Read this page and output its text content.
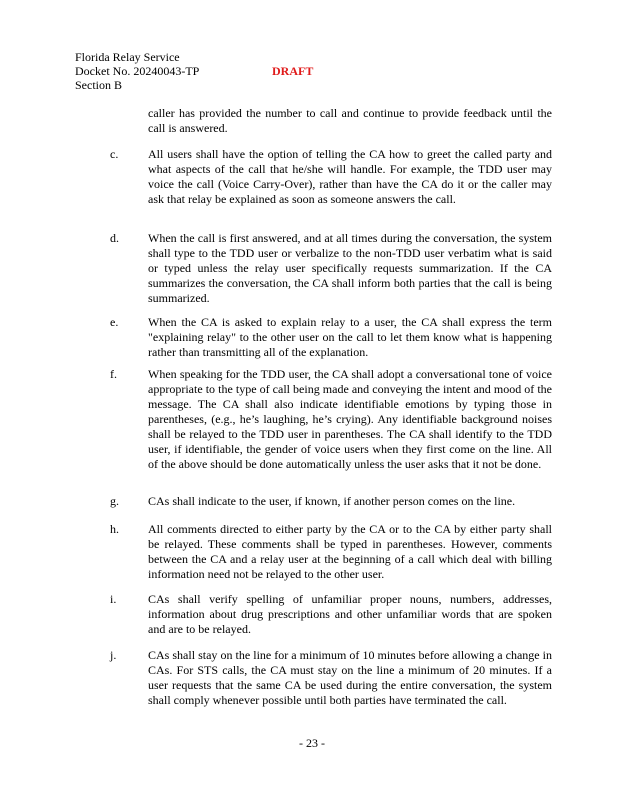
Florida Relay Service
Docket No. 20240043-TP
Section B
DRAFT
caller has provided the number to call and continue to provide feedback until the call is answered.
c. All users shall have the option of telling the CA how to greet the called party and what aspects of the call that he/she will handle. For example, the TDD user may voice the call (Voice Carry-Over), rather than have the CA do it or the caller may ask that relay be explained as soon as someone answers the call.
d. When the call is first answered, and at all times during the conversation, the system shall type to the TDD user or verbalize to the non-TDD user verbatim what is said or typed unless the relay user specifically requests summarization. If the CA summarizes the conversation, the CA shall inform both parties that the call is being summarized.
e. When the CA is asked to explain relay to a user, the CA shall express the term "explaining relay" to the other user on the call to let them know what is happening rather than transmitting all of the explanation.
f.	When speaking for the TDD user, the CA shall adopt a conversational tone of voice appropriate to the type of call being made and conveying the intent and mood of the message. The CA shall also indicate identifiable emotions by typing those in parentheses, (e.g., he’s laughing, he’s crying). Any identifiable background noises shall be relayed to the TDD user in parentheses. The CA shall identify to the TDD user, if identifiable, the gender of voice users when they first come on the line. All of the above should be done automatically unless the user asks that it not be done.
g. CAs shall indicate to the user, if known, if another person comes on the line.
h. All comments directed to either party by the CA or to the CA by either party shall be relayed. These comments shall be typed in parentheses. However, comments between the CA and a relay user at the beginning of a call which deal with billing information need not be relayed to the other user.
i.	CAs shall verify spelling of unfamiliar proper nouns, numbers, addresses, information about drug prescriptions and other unfamiliar words that are spoken and are to be relayed.
j.	CAs shall stay on the line for a minimum of 10 minutes before allowing a change in CAs. For STS calls, the CA must stay on the line a minimum of 20 minutes. If a user requests that the same CA be used during the entire conversation, the system shall comply whenever possible until both parties have terminated the call.
- 23 -
